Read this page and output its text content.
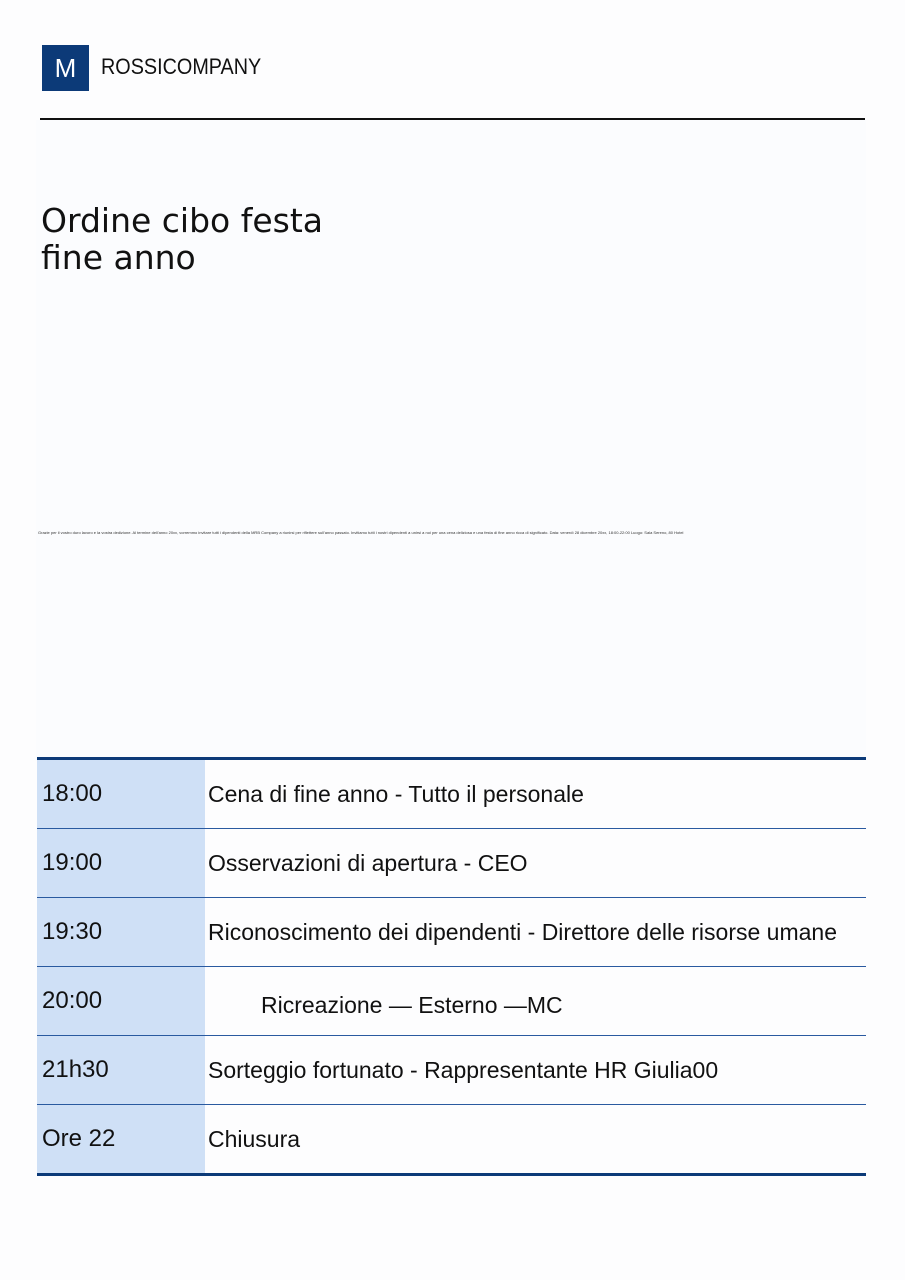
M ROSSICOMPANY
Ordine cibo festa
fine anno
Grazie per il vostro duro lavoro e la vostra dedizione. Al termine dell'anno 20xx, vorremmo invitare tutti i dipendenti della MRB Company a riunirsi per riflettere sull'anno passato. Invitiamo tutti i nostri dipendenti a unirsi a noi per una cena deliziosa e una festa di fine anno ricca di significato. Data: venerdì 28 dicembre 20xx, 18:00-22:00 Luogo: Sala Sereno, 80 Hotel
18:00	Cena di fine anno - Tutto il personale
19:00	Osservazioni di apertura - CEO
19:30	Riconoscimento dei dipendenti - Direttore delle risorse umane
20:00	Ricreazione — Esterno —MC
21h30	Sorteggio fortunato - Rappresentante HR Giulia00
Ore 22	Chiusura
